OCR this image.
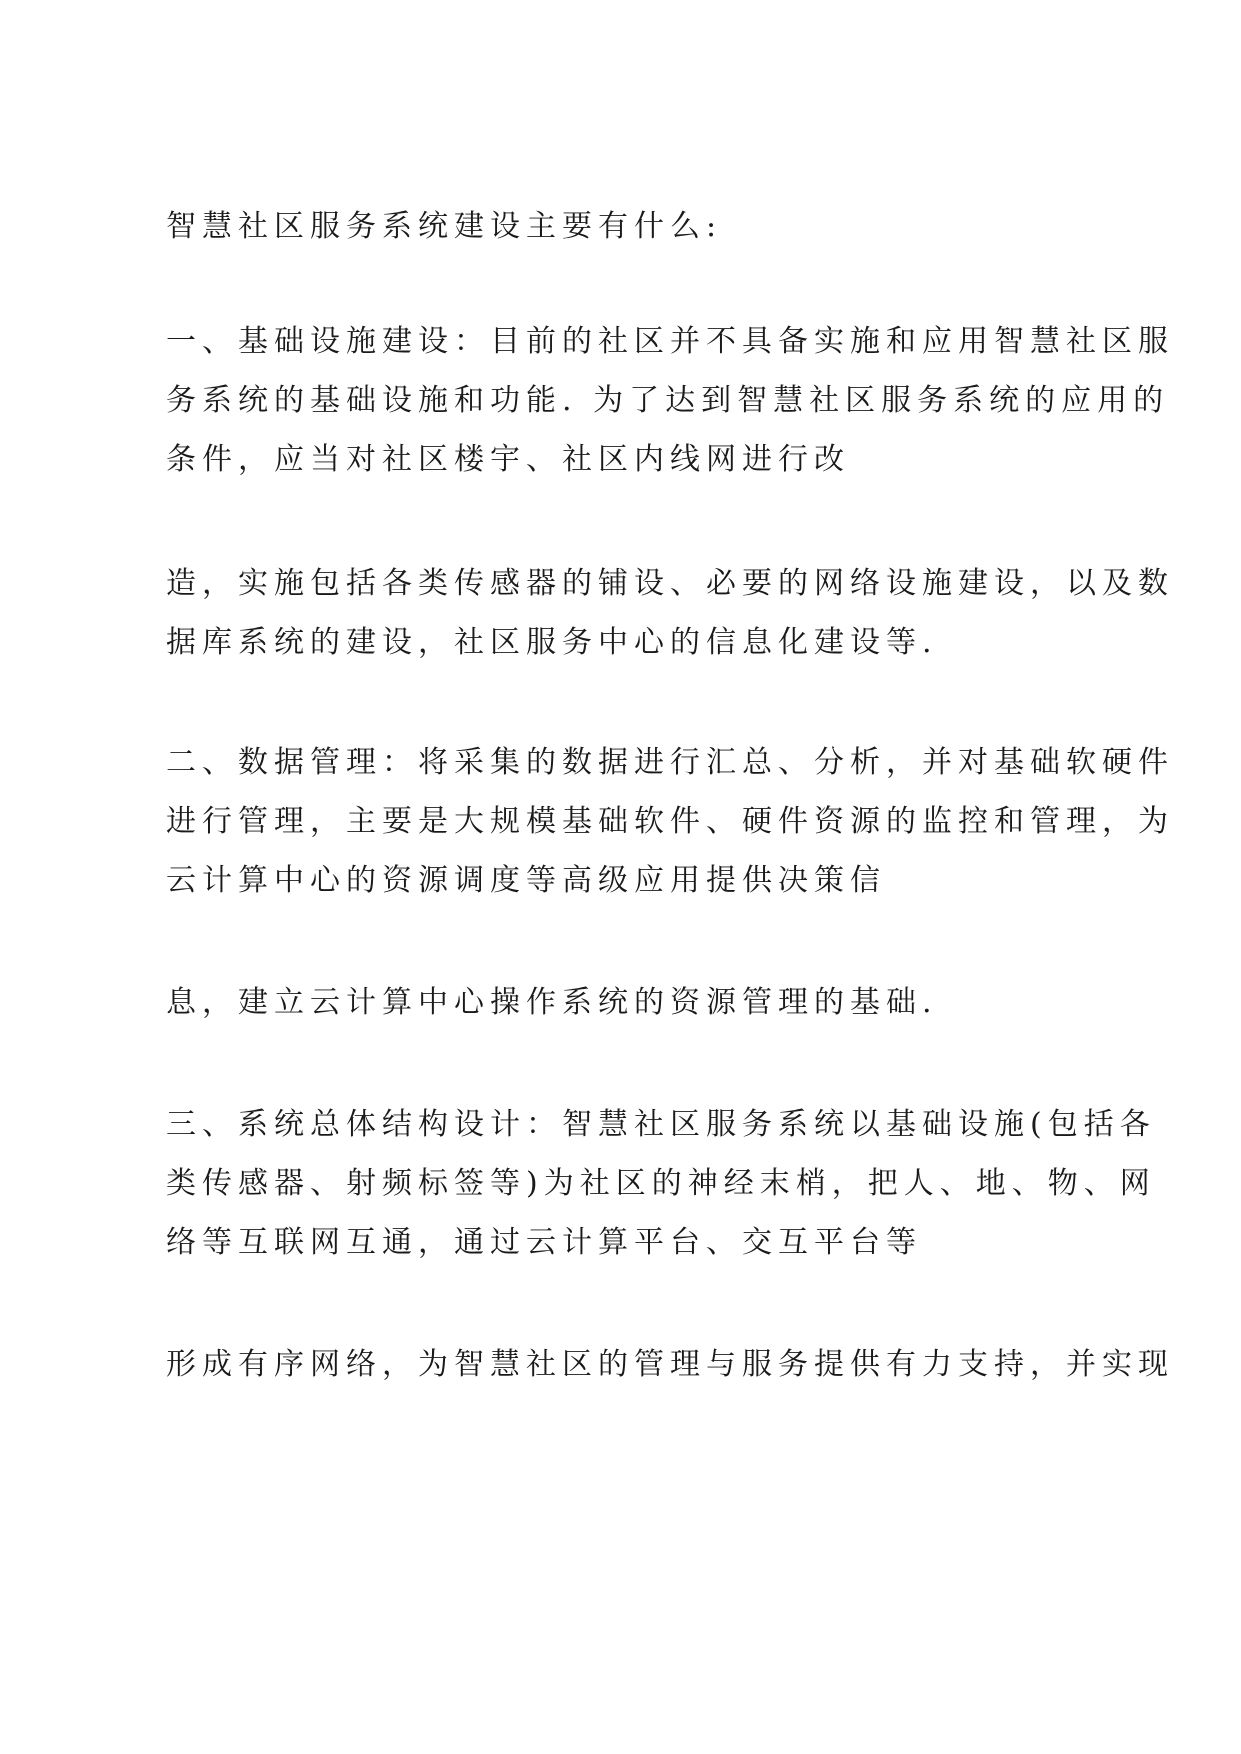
智慧社区服务系统建设主要有什么:

一、基础设施建设：目前的社区并不具备实施和应用智慧社区服

务系统的基础设施和功能. 为了达到智慧社区服务系统的应用的

条件，应当对社区楼宇、社区内线网进行改

造，实施包括各类传感器的铺设、必要的网络设施建设，以及数

据库系统的建设，社区服务中心的信息化建设等.

二、数据管理：将采集的数据进行汇总、分析，并对基础软硬件

进行管理，主要是大规模基础软件、硬件资源的监控和管理，为

云计算中心的资源调度等高级应用提供决策信

息，建立云计算中心操作系统的资源管理的基础.

三、系统总体结构设计：智慧社区服务系统以基础设施(包括各

类传感器、射频标签等)为社区的神经末梢，把人、地、物、网

络等互联网互通，通过云计算平台、交互平台等

形成有序网络，为智慧社区的管理与服务提供有力支持，并实现
